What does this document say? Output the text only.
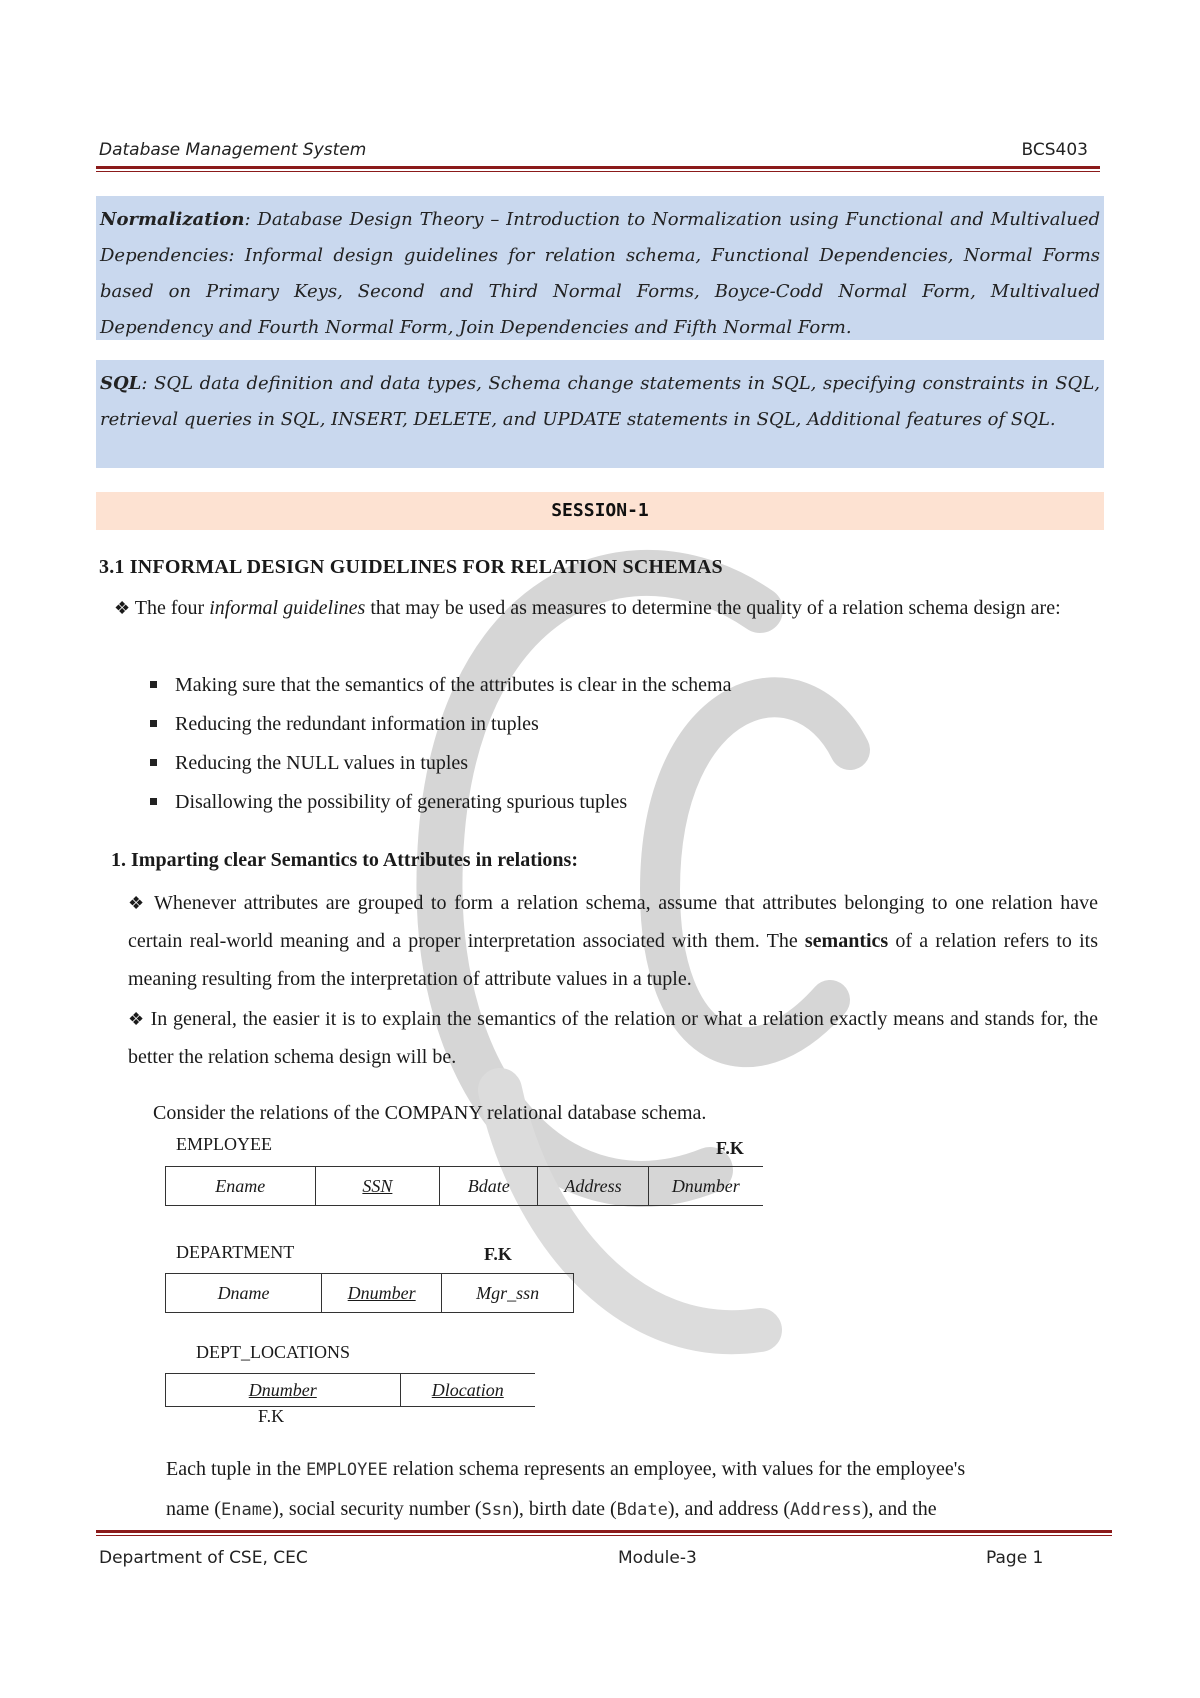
Database Management System	BCS403
Normalization: Database Design Theory – Introduction to Normalization using Functional and Multivalued Dependencies: Informal design guidelines for relation schema, Functional Dependencies, Normal Forms based on Primary Keys, Second and Third Normal Forms, Boyce-Codd Normal Form, Multivalued Dependency and Fourth Normal Form, Join Dependencies and Fifth Normal Form.
SQL: SQL data definition and data types, Schema change statements in SQL, specifying constraints in SQL, retrieval queries in SQL, INSERT, DELETE, and UPDATE statements in SQL, Additional features of SQL.
SESSION-1
3.1 INFORMAL DESIGN GUIDELINES FOR RELATION SCHEMAS
❖ The four informal guidelines that may be used as measures to determine the quality of a relation schema design are:
Making sure that the semantics of the attributes is clear in the schema
Reducing the redundant information in tuples
Reducing the NULL values in tuples
Disallowing the possibility of generating spurious tuples
1. Imparting clear Semantics to Attributes in relations:
❖ Whenever attributes are grouped to form a relation schema, assume that attributes belonging to one relation have certain real-world meaning and a proper interpretation associated with them. The semantics of a relation refers to its meaning resulting from the interpretation of attribute values in a tuple.
❖ In general, the easier it is to explain the semantics of the relation or what a relation exactly means and stands for, the better the relation schema design will be.
Consider the relations of the COMPANY relational database schema.
EMPLOYEE	F.K
Ename	SSN	Bdate	Address	Dnumber
DEPARTMENT	F.K
Dname	Dnumber	Mgr_ssn
DEPT_LOCATIONS
Dnumber	Dlocation
F.K
Each tuple in the EMPLOYEE relation schema represents an employee, with values for the employee's
name (Ename), social security number (Ssn), birth date (Bdate), and address (Address), and the
Department of CSE, CEC	Module-3	Page 1
